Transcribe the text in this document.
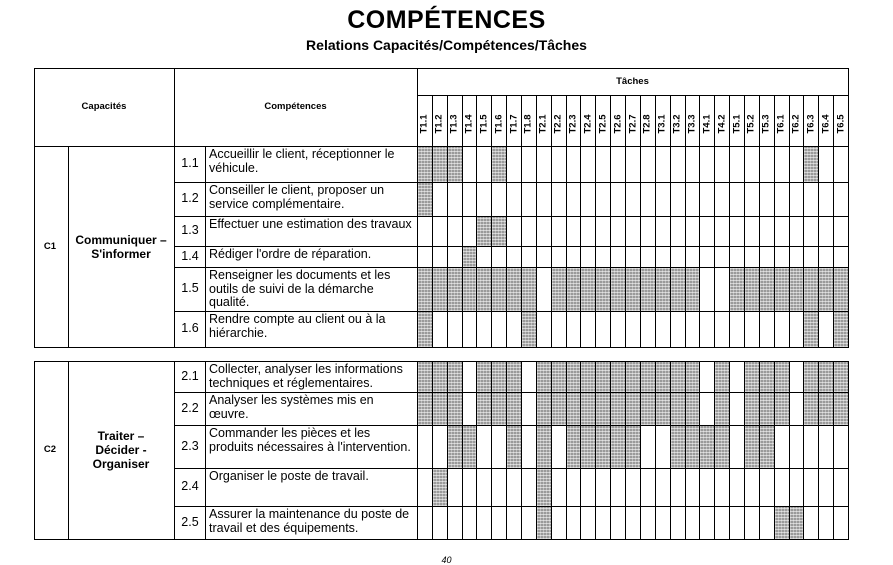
COMPÉTENCES
Relations Capacités/Compétences/Tâches
Capacités	Compétences
Tâches
T1.1 T1.2 T1.3 T1.4 T1.5 T1.6 T1.7 T1.8 T2.1 T2.2 T2.3 T2.4 T2.5 T2.6 T2.7 T2.8 T3.1 T3.2 T3.3 T4.1 T4.2 T5.1 T5.2 T5.3 T6.1 T6.2 T6.3 T6.4 T6.5
C1	Communiquer –
S'informer
1.1
Accueillir le client, réceptionner le véhicule.
1.2
Conseiller le client, proposer un service complémentaire.
1.3 Effectuer une estimation des travaux
1.4 Rédiger l'ordre de réparation.
1.5
Renseigner les documents et les outils de suivi de la démarche qualité.
1.6
Rendre compte au client ou à la hiérarchie.
C2
Traiter –
Décider -
Organiser
2.1 Collecter, analyser les informations techniques et réglementaires.
2.2
Analyser les systèmes mis en œuvre.
2.3
Commander les pièces et les produits nécessaires à l'intervention.
2.4
Organiser le poste de travail.
2.5
Assurer la maintenance du poste de travail et des équipements.
40
